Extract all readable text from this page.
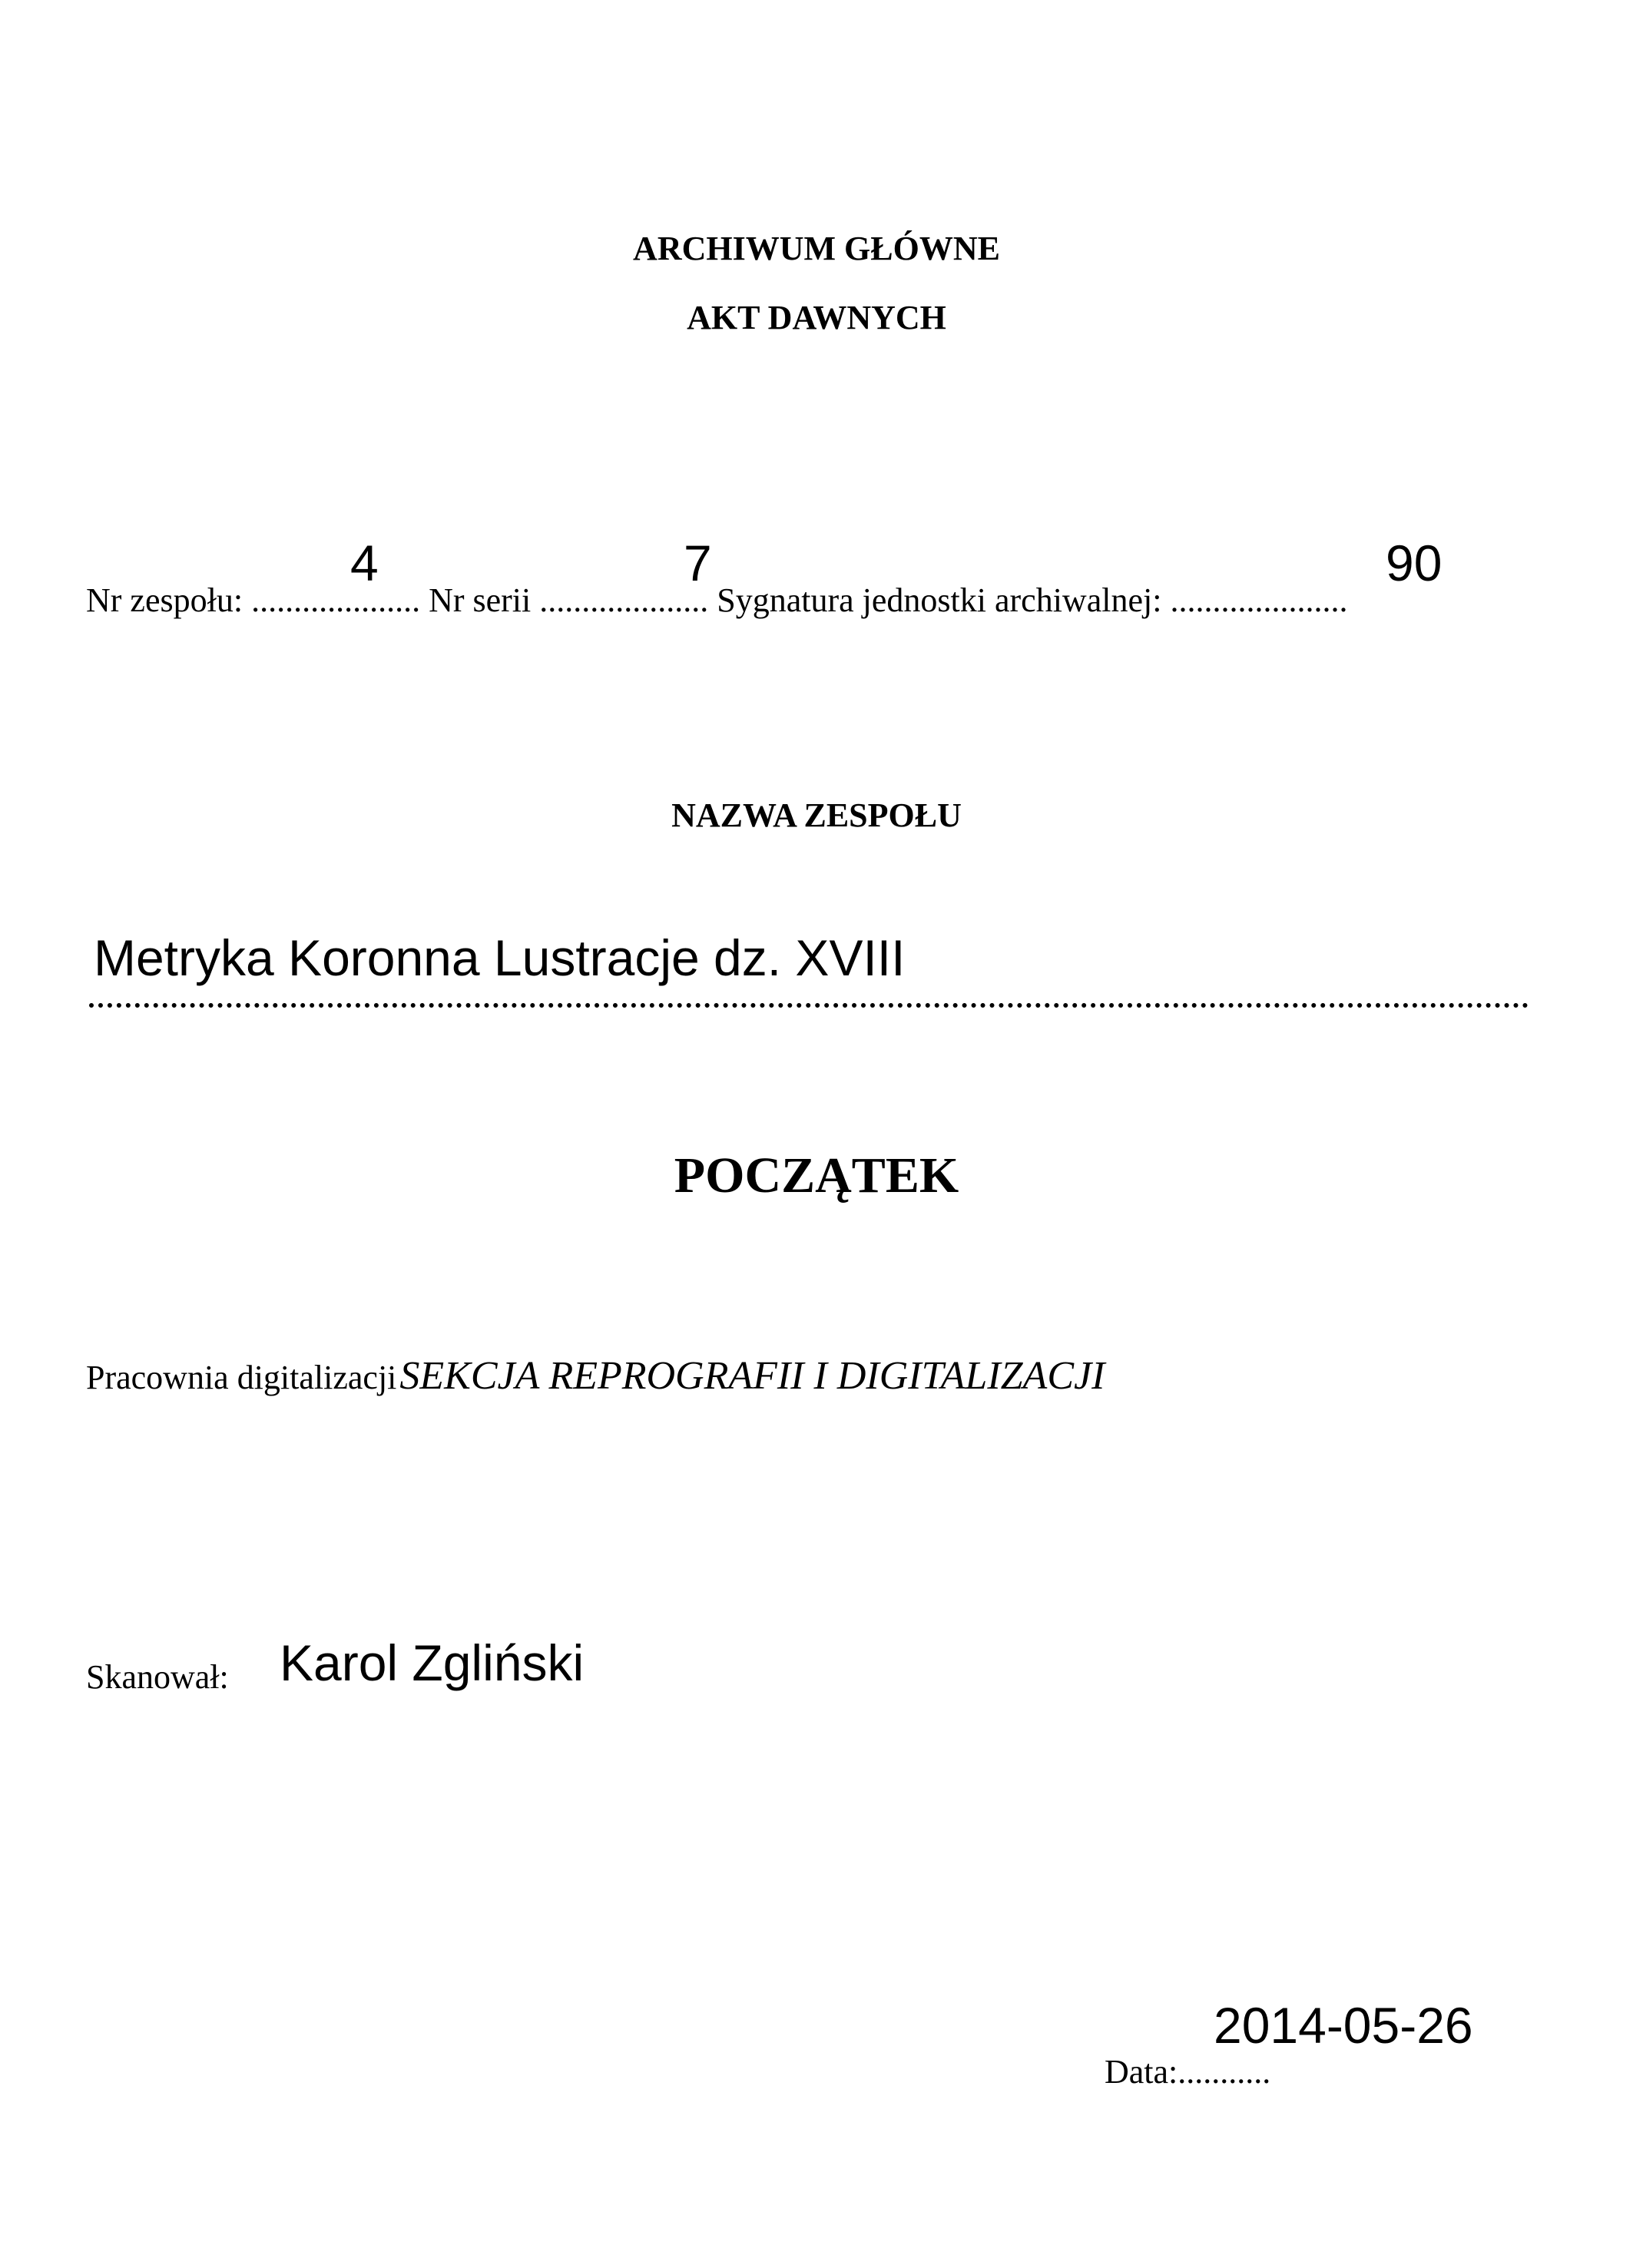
ARCHIWUM GŁÓWNE
AKT DAWNYCH
4	7	90
Nr zespołu: .................... Nr serii .................... Sygnatura jednostki archiwalnej: .....................
NAZWA ZESPOŁU
Metryka Koronna Lustracje dz. XVIII
POCZĄTEK
Pracownia digitalizacji SEKCJA REPROGRAFII I DIGITALIZACJI
Skanował: Karol Zgliński
Data:...........
2014-05-26
